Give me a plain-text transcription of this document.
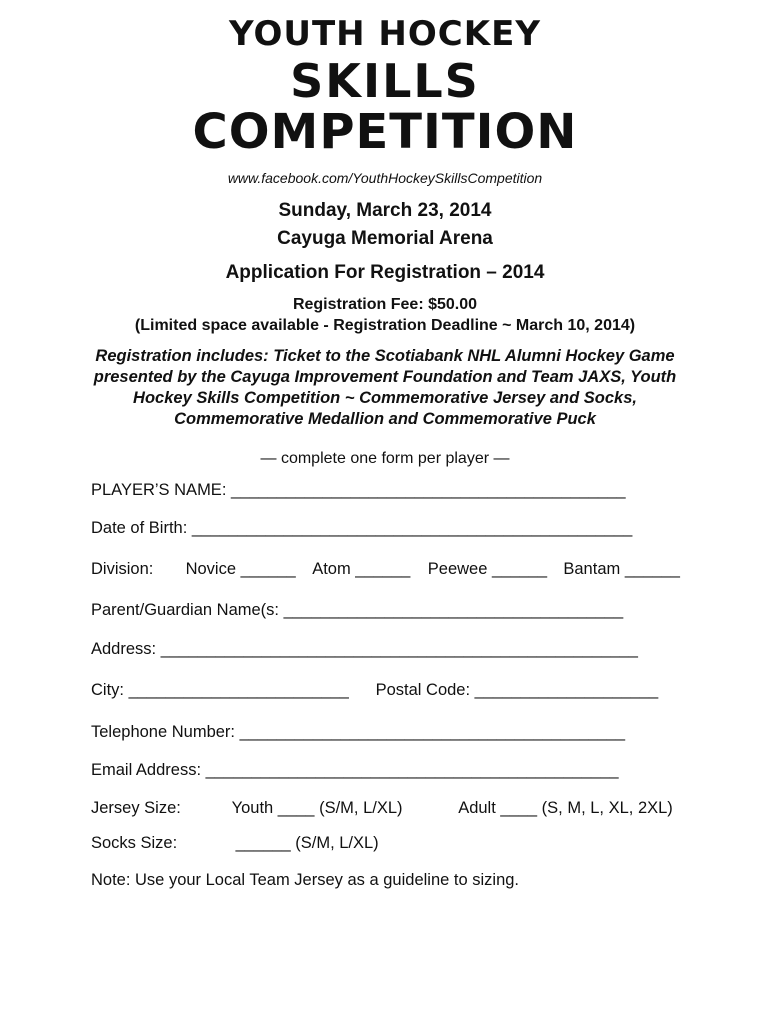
YOUTH HOCKEY
SKILLS
COMPETITION
www.facebook.com/YouthHockeySkillsCompetition
Sunday, March 23, 2014
Cayuga Memorial Arena
Application For Registration – 2014
Registration Fee: $50.00
(Limited space available - Registration Deadline ~ March 10, 2014)
Registration includes: Ticket to the Scotiabank NHL Alumni Hockey Game presented by the Cayuga Improvement Foundation and Team JAXS, Youth Hockey Skills Competition ~ Commemorative Jersey and Socks, Commemorative Medallion and Commemorative Puck
— complete one form per player —
PLAYER’S NAME: ___________________________________________
Date of Birth: ________________________________________________
Division: Novice ______ Atom ______ Peewee ______ Bantam ______
Parent/Guardian Name(s: _____________________________________
Address: ____________________________________________________
City: ________________________ Postal Code: ____________________
Telephone Number: __________________________________________
Email Address: _____________________________________________
Jersey Size:	Youth ____ (S/M, L/XL)	Adult ____ (S, M, L, XL, 2XL)
Socks Size:	______ (S/M, L/XL)
Note: Use your Local Team Jersey as a guideline to sizing.
